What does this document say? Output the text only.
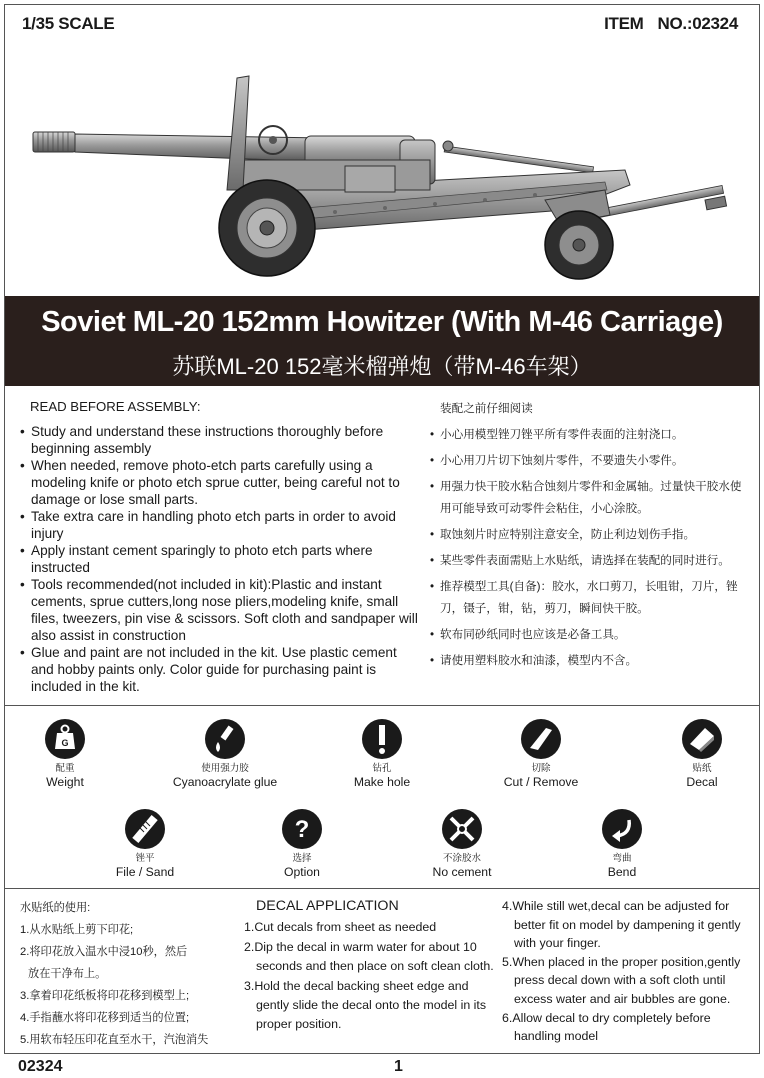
1/35 SCALE	ITEM NO.:02324
Soviet ML-20 152mm Howitzer (With M-46 Carriage)
苏联ML-20 152毫米榴弹炮（带M-46车架）
READ BEFORE ASSEMBLY:
• Study and understand these instructions thoroughly before beginning assembly
• When needed, remove photo-etch parts carefully using a modeling knife or photo etch sprue cutter, being careful not to damage or lose small parts.
• Take extra care in handling photo etch parts in order to avoid injury
• Apply instant cement sparingly to photo etch parts where instructed
• Tools recommended(not included in kit):Plastic and instant cements, sprue cutters,long nose pliers,modeling knife, small files, tweezers, pin vise & scissors. Soft cloth and sandpaper will also assist in construction
• Glue and paint are not included in the kit. Use plastic cement and hobby paints only. Color guide for purchasing paint is included in the kit.
装配之前仔细阅读
• 小心用模型锉刀锉平所有零件表面的注射浇口。
• 小心用刀片切下蚀刻片零件，不要遗失小零件。
• 用强力快干胶水粘合蚀刻片零件和金属轴。过量快干胶水使用可能导致可动零件会粘住，小心涂胶。
• 取蚀刻片时应特别注意安全，防止利边划伤手指。
• 某些零件表面需贴上水贴纸，请选择在装配的同时进行。
• 推荐模型工具(自备)：胶水，水口剪刀，长咀钳，刀片，锉刀，镊子，钳，钻，剪刀，瞬间快干胶。
• 软布同砂纸同时也应该是必备工具。
• 请使用塑料胶水和油漆，模型内不含。
G
配重
Weight
使用强力胶
Cyanoacrylate glue
钻孔
Make hole
切除
Cut / Remove
贴纸
Decal
锉平
File / Sand
?
选择
Option
不涂胶水
No cement
弯曲
Bend
水贴纸的使用:
1.从水贴纸上剪下印花;
2.将印花放入温水中浸10秒，然后
放在干净布上。
3.拿着印花纸板将印花移到模型上;
4.手指蘸水将印花移到适当的位置;
5.用软布轻压印花直至水干，汽泡消失
DECAL APPLICATION
1.Cut decals from sheet as needed
2.Dip the decal in warm water for about 10 seconds and then place on soft clean cloth.
3.Hold the decal backing sheet edge and gently slide the decal onto the model in its proper position.
4.While still wet,decal can be adjusted for better fit on model by dampening it gently with your finger.
5.When placed in the proper position,gently press decal down with a soft cloth until excess water and air bubbles are gone.
6.Allow decal to dry completely before handling model
02324	1
